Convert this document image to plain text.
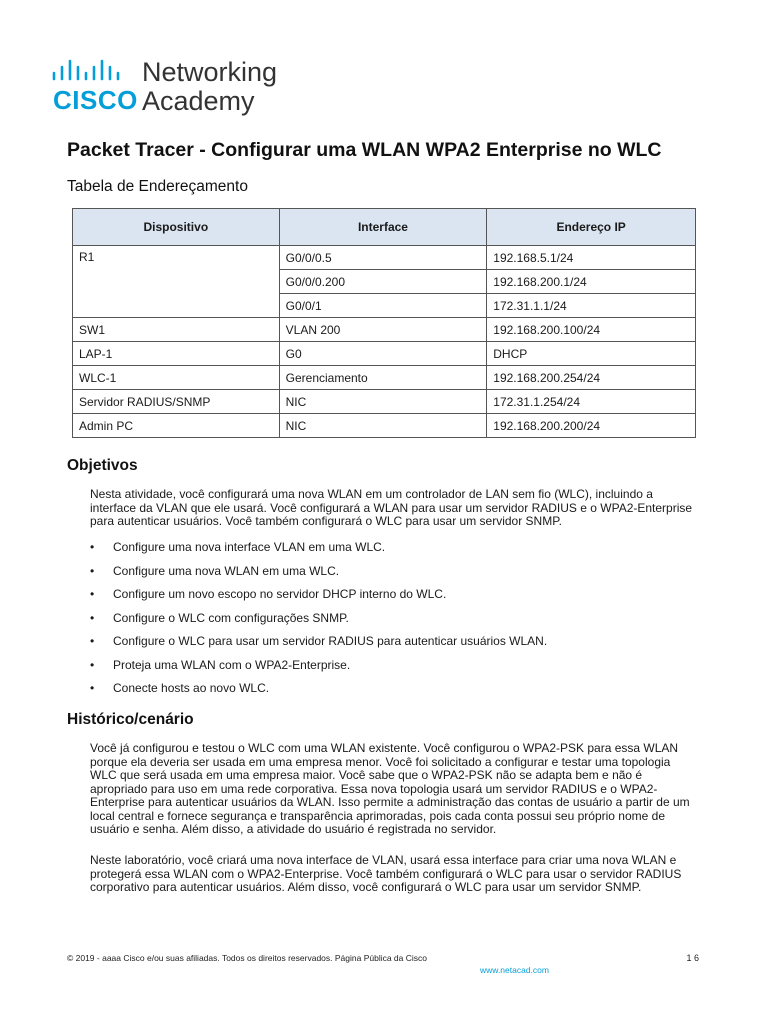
CISCO
Networking
Academy
Packet Tracer - Configurar uma WLAN WPA2 Enterprise no WLC
Tabela de Endereçamento
Dispositivo	Interface	Endereço IP
R1	G0/0/0.5	192.168.5.1/24
	G0/0/0.200	192.168.200.1/24
	G0/0/1	172.31.1.1/24
SW1	VLAN 200	192.168.200.100/24
LAP-1	G0	DHCP
WLC-1	Gerenciamento	192.168.200.254/24
Servidor RADIUS/SNMP	NIC	172.31.1.254/24
Admin PC	NIC	192.168.200.200/24
Objetivos
Nesta atividade, você configurará uma nova WLAN em um controlador de LAN sem fio (WLC), incluindo a interface da VLAN que ele usará. Você configurará a WLAN para usar um servidor RADIUS e o WPA2-Enterprise para autenticar usuários. Você também configurará o WLC para usar um servidor SNMP.
• Configure uma nova interface VLAN em uma WLC.
• Configure uma nova WLAN em uma WLC.
• Configure um novo escopo no servidor DHCP interno do WLC.
• Configure o WLC com configurações SNMP.
• Configure o WLC para usar um servidor RADIUS para autenticar usuários WLAN.
• Proteja uma WLAN com o WPA2-Enterprise.
• Conecte hosts ao novo WLC.
Histórico/cenário
Você já configurou e testou o WLC com uma WLAN existente. Você configurou o WPA2-PSK para essa WLAN porque ela deveria ser usada em uma empresa menor. Você foi solicitado a configurar e testar uma topologia WLC que será usada em uma empresa maior. Você sabe que o WPA2-PSK não se adapta bem e não é apropriado para uso em uma rede corporativa. Essa nova topologia usará um servidor RADIUS e o WPA2-Enterprise para autenticar usuários da WLAN. Isso permite a administração das contas de usuário a partir de um local central e fornece segurança e transparência aprimoradas, pois cada conta possui seu próprio nome de usuário e senha. Além disso, a atividade do usuário é registrada no servidor.
Neste laboratório, você criará uma nova interface de VLAN, usará essa interface para criar uma nova WLAN e protegerá essa WLAN com o WPA2-Enterprise. Você também configurará o WLC para usar o servidor RADIUS corporativo para autenticar usuários. Além disso, você configurará o WLC para usar um servidor SNMP.
© 2019 - aaaa Cisco e/ou suas afiliadas. Todos os direitos reservados. Página Pública da Cisco	1 6
www.netacad.com
